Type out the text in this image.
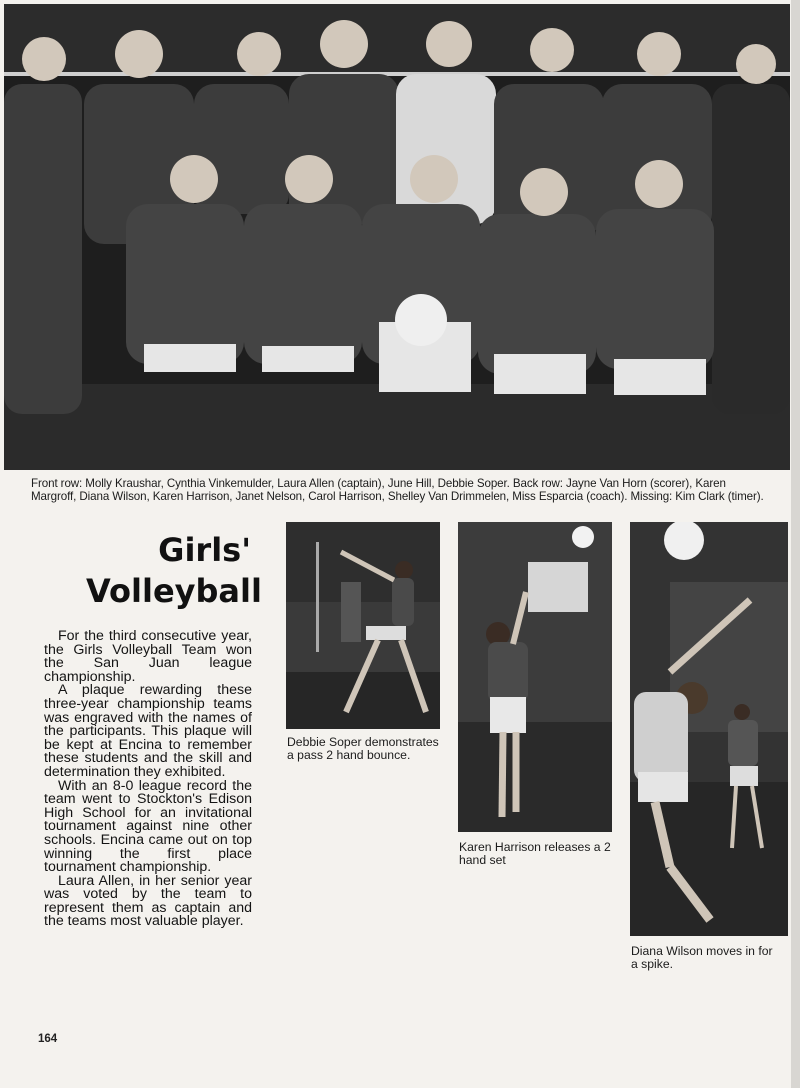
Front row: Molly Kraushar, Cynthia Vinkemulder, Laura Allen (captain), June Hill, Debbie Soper. Back row: Jayne Van Horn (scorer), Karen Margroff, Diana Wilson, Karen Harrison, Janet Nelson, Carol Harrison, Shelley Van Drimmelen, Miss Esparcia (coach). Missing: Kim Clark (timer).
Girls' Volleyball

For the third consecutive year, the Girls Volleyball Team won the San Juan league championship.

A plaque rewarding these three-year championship teams was engraved with the names of the participants. This plaque will be kept at Encina to remember these students and the skill and determination they exhibited.

With an 8-0 league record the team went to Stockton's Edison High School for an invitational tournament against nine other schools. Encina came out on top winning the first place tournament championship.

Laura Allen, in her senior year was voted by the team to represent them as captain and the teams most valuable player.

Debbie Soper demonstrates a pass 2 hand bounce.
Karen Harrison releases a 2 hand set
Diana Wilson moves in for a spike.
164
